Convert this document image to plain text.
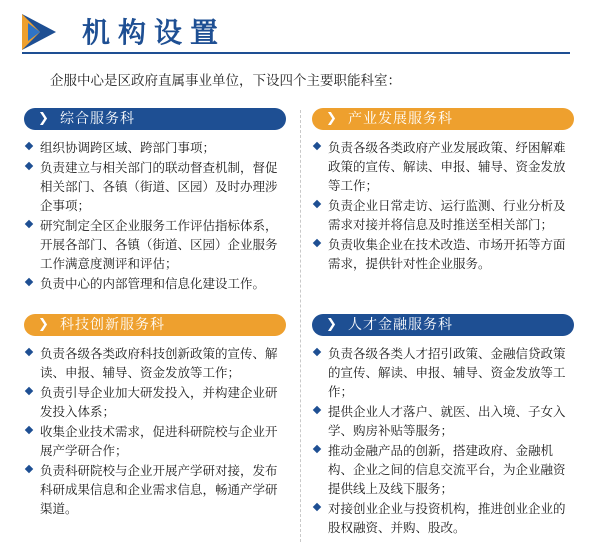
机构设置
企服中心是区政府直属事业单位，下设四个主要职能科室：
❯ 综合服务科
组织协调跨区域、跨部门事项；
负责建立与相关部门的联动督查机制，督促相关部门、各镇（街道、区园）及时办理涉企事项；
研究制定全区企业服务工作评估指标体系，开展各部门、各镇（街道、区园）企业服务工作满意度测评和评估；
负责中心的内部管理和信息化建设工作。
❯ 产业发展服务科
负责各级各类政府产业发展政策、纾困解难政策的宣传、解读、申报、辅导、资金发放等工作；
负责企业日常走访、运行监测、行业分析及需求对接并将信息及时推送至相关部门；
负责收集企业在技术改造、市场开拓等方面需求，提供针对性企业服务。
❯ 科技创新服务科
负责各级各类政府科技创新政策的宣传、解读、申报、辅导、资金发放等工作；
负责引导企业加大研发投入，并构建企业研发投入体系；
收集企业技术需求，促进科研院校与企业开展产学研合作；
负责科研院校与企业开展产学研对接，发布科研成果信息和企业需求信息，畅通产学研渠道。
❯ 人才金融服务科
负责各级各类人才招引政策、金融信贷政策的宣传、解读、申报、辅导、资金发放等工作；
提供企业人才落户、就医、出入境、子女入学、购房补贴等服务；
推动金融产品的创新，搭建政府、金融机构、企业之间的信息交流平台，为企业融资提供线上及线下服务；
对接创业企业与投资机构，推进创业企业的股权融资、并购、股改。
